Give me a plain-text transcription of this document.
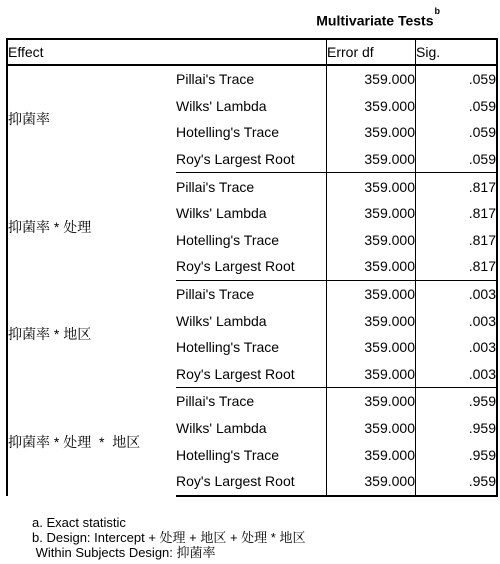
Multivariate Tests$^b$
Effect		Error df	Sig.
抑菌率	Pillai's Trace	359.000	.059
	Wilks' Lambda	359.000	.059
	Hotelling's Trace	359.000	.059
	Roy's Largest Root	359.000	.059
抑菌率 * 处理	Pillai's Trace	359.000	.817
	Wilks' Lambda	359.000	.817
	Hotelling's Trace	359.000	.817
	Roy's Largest Root	359.000	.817
抑菌率 * 地区	Pillai's Trace	359.000	.003
	Wilks' Lambda	359.000	.003
	Hotelling's Trace	359.000	.003
	Roy's Largest Root	359.000	.003
抑菌率 * 处理  *  地区	Pillai's Trace	359.000	.959
	Wilks' Lambda	359.000	.959
	Hotelling's Trace	359.000	.959
	Roy's Largest Root	359.000	.959
a. Exact statistic
b. Design: Intercept + 处理 + 地区 + 处理 * 地区
Within Subjects Design: 抑菌率
